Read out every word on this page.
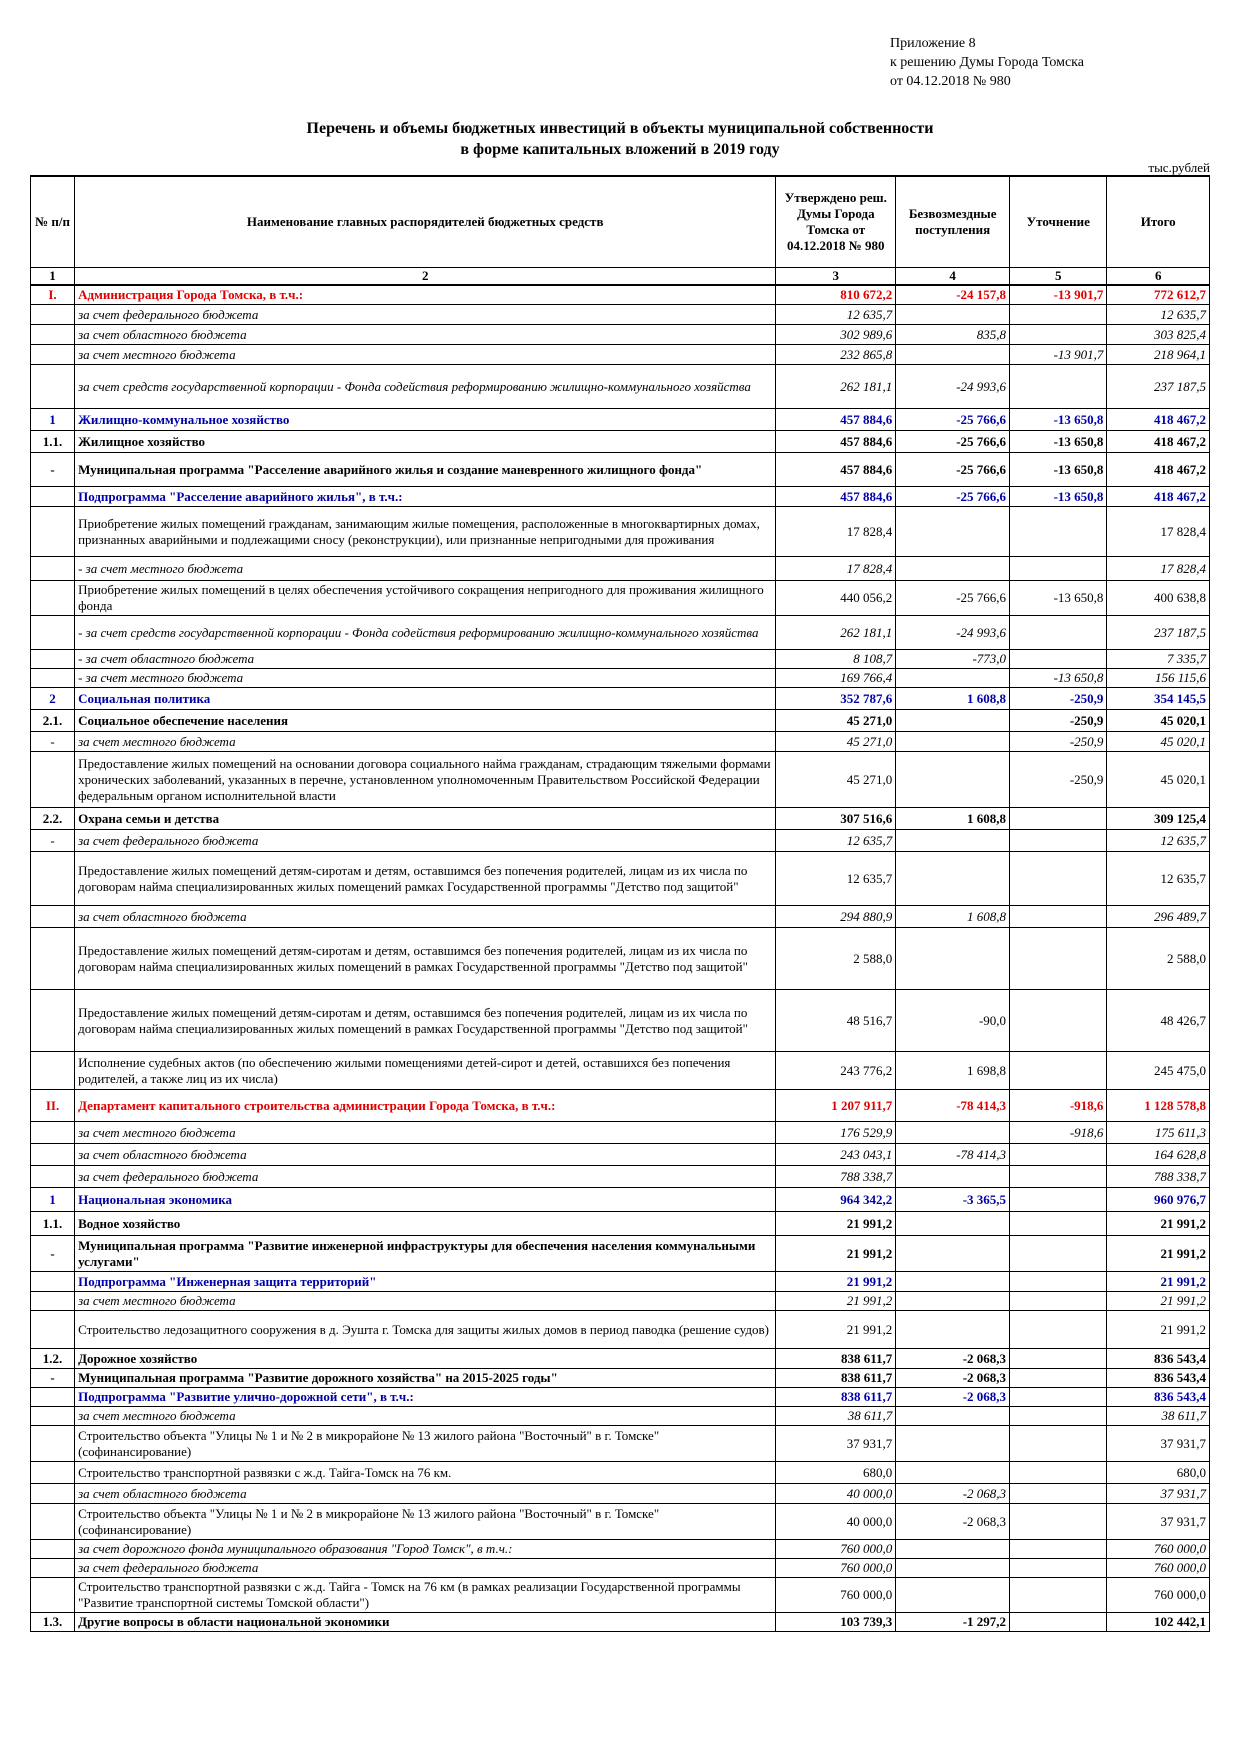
Приложение 8
к решению Думы Города Томска
от 04.12.2018 № 980
Перечень и объемы бюджетных инвестиций в объекты муниципальной собственности
в форме капитальных вложений в 2019 году
тыс.рублей
№ п/п	Наименование главных распорядителей бюджетных средств	Утверждено реш. Думы Города Томска от 04.12.2018 № 980	Безвозмездные поступления	Уточнение	Итого
1	2	3	4	5	6
I.	Администрация Города Томска, в т.ч.:	810 672,2	-24 157,8	-13 901,7	772 612,7
	за счет федерального бюджета	12 635,7			12 635,7
	за счет областного бюджета	302 989,6	835,8		303 825,4
	за счет местного бюджета	232 865,8		-13 901,7	218 964,1
	за счет средств государственной корпорации - Фонда содействия реформированию жилищно-коммунального хозяйства	262 181,1	-24 993,6		237 187,5
1	Жилищно-коммунальное хозяйство	457 884,6	-25 766,6	-13 650,8	418 467,2
1.1.	Жилищное хозяйство	457 884,6	-25 766,6	-13 650,8	418 467,2
-	Муниципальная программа "Расселение аварийного жилья и создание маневренного жилищного фонда"	457 884,6	-25 766,6	-13 650,8	418 467,2
	Подпрограмма "Расселение аварийного жилья", в т.ч.:	457 884,6	-25 766,6	-13 650,8	418 467,2
	Приобретение жилых помещений гражданам, занимающим жилые помещения, расположенные в многоквартирных домах, признанных аварийными и подлежащими сносу (реконструкции), или признанные непригодными для проживания	17 828,4			17 828,4
	- за счет местного бюджета	17 828,4			17 828,4
	Приобретение жилых помещений в целях обеспечения устойчивого сокращения непригодного для проживания жилищного фонда	440 056,2	-25 766,6	-13 650,8	400 638,8
	- за счет средств государственной корпорации - Фонда содействия реформированию жилищно-коммунального хозяйства	262 181,1	-24 993,6		237 187,5
	- за счет областного бюджета	8 108,7	-773,0		7 335,7
	- за счет местного бюджета	169 766,4		-13 650,8	156 115,6
2	Социальная политика	352 787,6	1 608,8	-250,9	354 145,5
2.1.	Социальное обеспечение населения	45 271,0		-250,9	45 020,1
-	за счет местного бюджета	45 271,0		-250,9	45 020,1
	Предоставление жилых помещений на основании договора социального найма гражданам, страдающим тяжелыми формами хронических заболеваний, указанных в перечне, установленном уполномоченным Правительством Российской Федерации федеральным органом исполнительной власти	45 271,0		-250,9	45 020,1
2.2.	Охрана семьи и детства	307 516,6	1 608,8		309 125,4
-	за счет федерального бюджета	12 635,7			12 635,7
	Предоставление жилых помещений детям-сиротам и детям, оставшимся без попечения родителей, лицам из их числа по договорам найма специализированных жилых помещений рамках Государственной программы "Детство под защитой"	12 635,7			12 635,7
	за счет областного бюджета	294 880,9	1 608,8		296 489,7
	Предоставление жилых помещений детям-сиротам и детям, оставшимся без попечения родителей, лицам из их числа по договорам найма специализированных жилых помещений в рамках Государственной программы "Детство под защитой"	2 588,0			2 588,0
	Предоставление жилых помещений детям-сиротам и детям, оставшимся без попечения родителей, лицам из их числа по договорам найма специализированных жилых помещений в рамках Государственной программы "Детство под защитой"	48 516,7	-90,0		48 426,7
	Исполнение судебных актов (по обеспечению жилыми помещениями детей-сирот и детей, оставшихся без попечения родителей, а также лиц из их числа)	243 776,2	1 698,8		245 475,0
II.	Департамент капитального строительства администрации Города Томска, в т.ч.:	1 207 911,7	-78 414,3	-918,6	1 128 578,8
	за счет местного бюджета	176 529,9		-918,6	175 611,3
	за счет областного бюджета	243 043,1	-78 414,3		164 628,8
	за счет федерального бюджета	788 338,7			788 338,7
1	Национальная экономика	964 342,2	-3 365,5		960 976,7
1.1.	Водное хозяйство	21 991,2			21 991,2
-	Муниципальная программа "Развитие инженерной инфраструктуры для обеспечения населения коммунальными услугами"	21 991,2			21 991,2
	Подпрограмма "Инженерная защита территорий"	21 991,2			21 991,2
	за счет местного бюджета	21 991,2			21 991,2
	Строительство ледозащитного сооружения в д. Эушта г. Томска для защиты жилых домов в период паводка (решение судов)	21 991,2			21 991,2
1.2.	Дорожное хозяйство	838 611,7	-2 068,3		836 543,4
-	Муниципальная программа "Развитие дорожного хозяйства" на 2015-2025 годы"	838 611,7	-2 068,3		836 543,4
	Подпрограмма "Развитие улично-дорожной сети", в т.ч.:	838 611,7	-2 068,3		836 543,4
	за счет местного бюджета	38 611,7			38 611,7
	Строительство объекта "Улицы № 1 и № 2 в микрорайоне № 13 жилого района "Восточный" в г. Томске" (софинансирование)	37 931,7			37 931,7
	Строительство транспортной развязки с ж.д. Тайга-Томск на 76 км.	680,0			680,0
	за счет областного бюджета	40 000,0	-2 068,3		37 931,7
	Строительство объекта "Улицы № 1 и № 2 в микрорайоне № 13 жилого района "Восточный" в г. Томске" (софинансирование)	40 000,0	-2 068,3		37 931,7
	за счет дорожного фонда муниципального образования "Город Томск", в т.ч.:	760 000,0			760 000,0
	за счет федерального бюджета	760 000,0			760 000,0
	Строительство транспортной развязки с ж.д. Тайга - Томск на 76 км (в рамках реализации Государственной программы "Развитие транспортной системы Томской области")	760 000,0			760 000,0
1.3.	Другие вопросы в области национальной экономики	103 739,3	-1 297,2		102 442,1
